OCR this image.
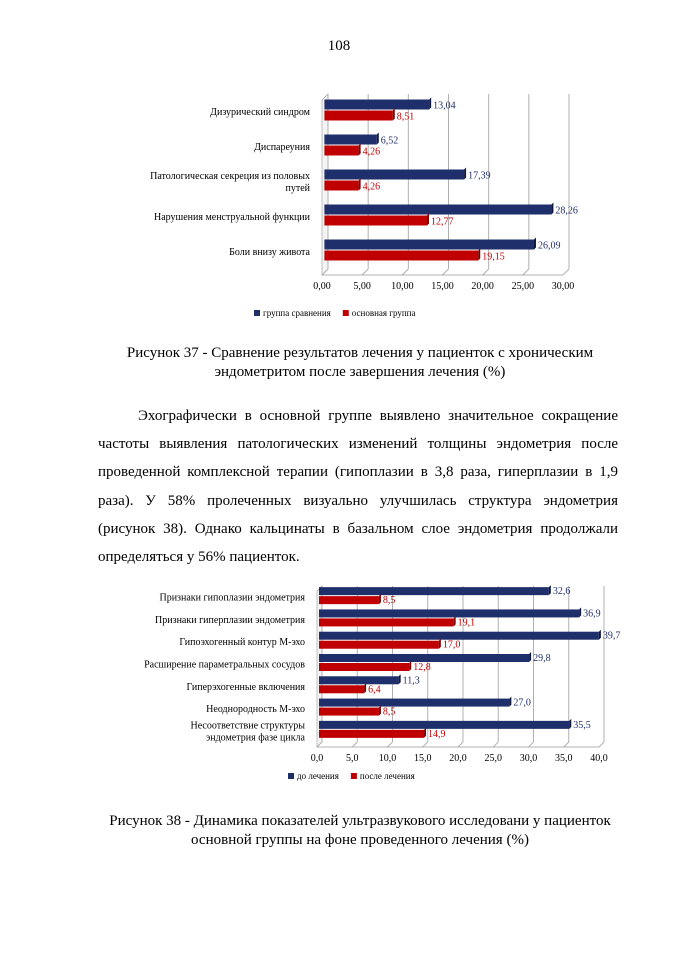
108
0,00 5,00 10,00 15,00 20,00 25,00 30,00
Дизурический синдром
13,04
8,51
Диспареуния
6,52
4,26
Патологическая секреция из половых путей
17,39
4,26
Нарушения менструальной функции
28,26
12,77
Боли внизу живота
26,09
19,15
группа сравнения основная группа
Рисунок 37 - Сравнение результатов лечения у пациенток с хроническим эндометритом после завершения лечения (%)

Эхографически в основной группе выявлено значительное сокращение частоты выявления патологических изменений толщины эндометрия после проведенной комплексной терапии (гипоплазии в 3,8 раза, гиперплазии в 1,9 раза). У 58% пролеченных визуально улучшилась структура эндометрия (рисунок 38). Однако кальцинаты в базальном слое эндометрия продолжали определяться у 56% пациенток.

0,0 5,0 10,0 15,0 20,0 25,0 30,0 35,0 40,0
Признаки гипоплазии эндометрия
32,6
8,5
Признаки гиперплазии эндометрия
36,9
19,1
Гипоэхогенный контур М-эхо
39,7
17,0
Расширение параметральных сосудов
29,8
12,8
Гиперэхогенные включения
11,3
6,4
Неоднородность М-эхо
27,0
8,5
Несоответствие структуры эндометрия фазе цикла
35,5
14,9
до лечения после лечения
Рисунок 38 - Динамика показателей ультразвукового исследовани у пациенток основной группы на фоне проведенного лечения (%)
